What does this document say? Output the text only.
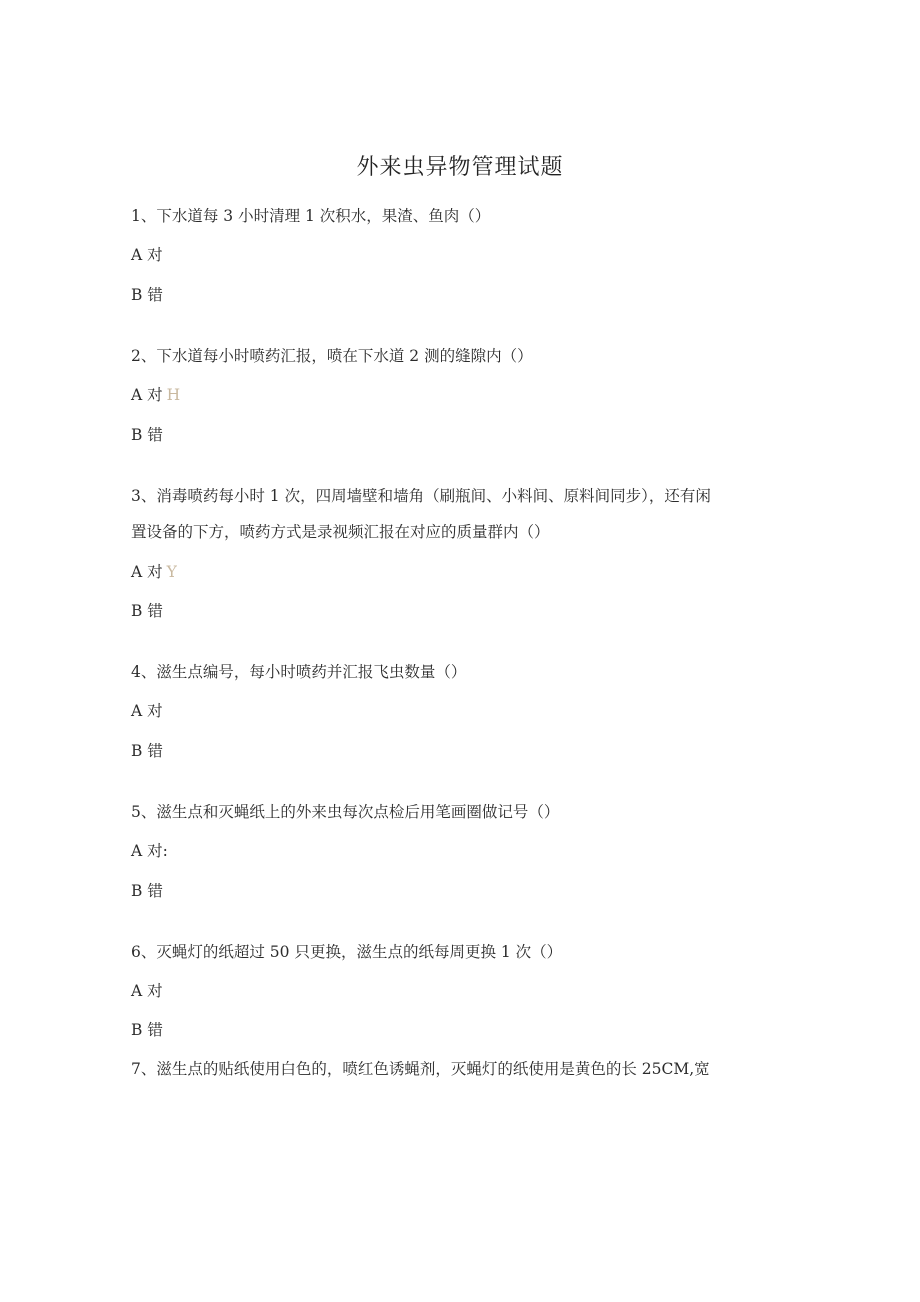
外来虫异物管理试题
1、下水道每 3 小时清理 1 次积水，果渣、鱼肉（）
A 对
B 错
2、下水道每小时喷药汇报，喷在下水道 2 测的缝隙内（）
A 对 H
B 错
3、消毒喷药每小时 1 次，四周墙壁和墙角（刷瓶间、小料间、原料间同步），还有闲
置设备的下方，喷药方式是录视频汇报在对应的质量群内（）
A 对 Y
B 错
4、滋生点编号，每小时喷药并汇报飞虫数量（）
A 对
B 错
5、滋生点和灭蝇纸上的外来虫每次点检后用笔画圈做记号（）
A 对:
B 错
6、灭蝇灯的纸超过 50 只更换，滋生点的纸每周更换 1 次（）
A 对
B 错
7、滋生点的贴纸使用白色的，喷红色诱蝇剂，灭蝇灯的纸使用是黄色的长 25CM,宽
